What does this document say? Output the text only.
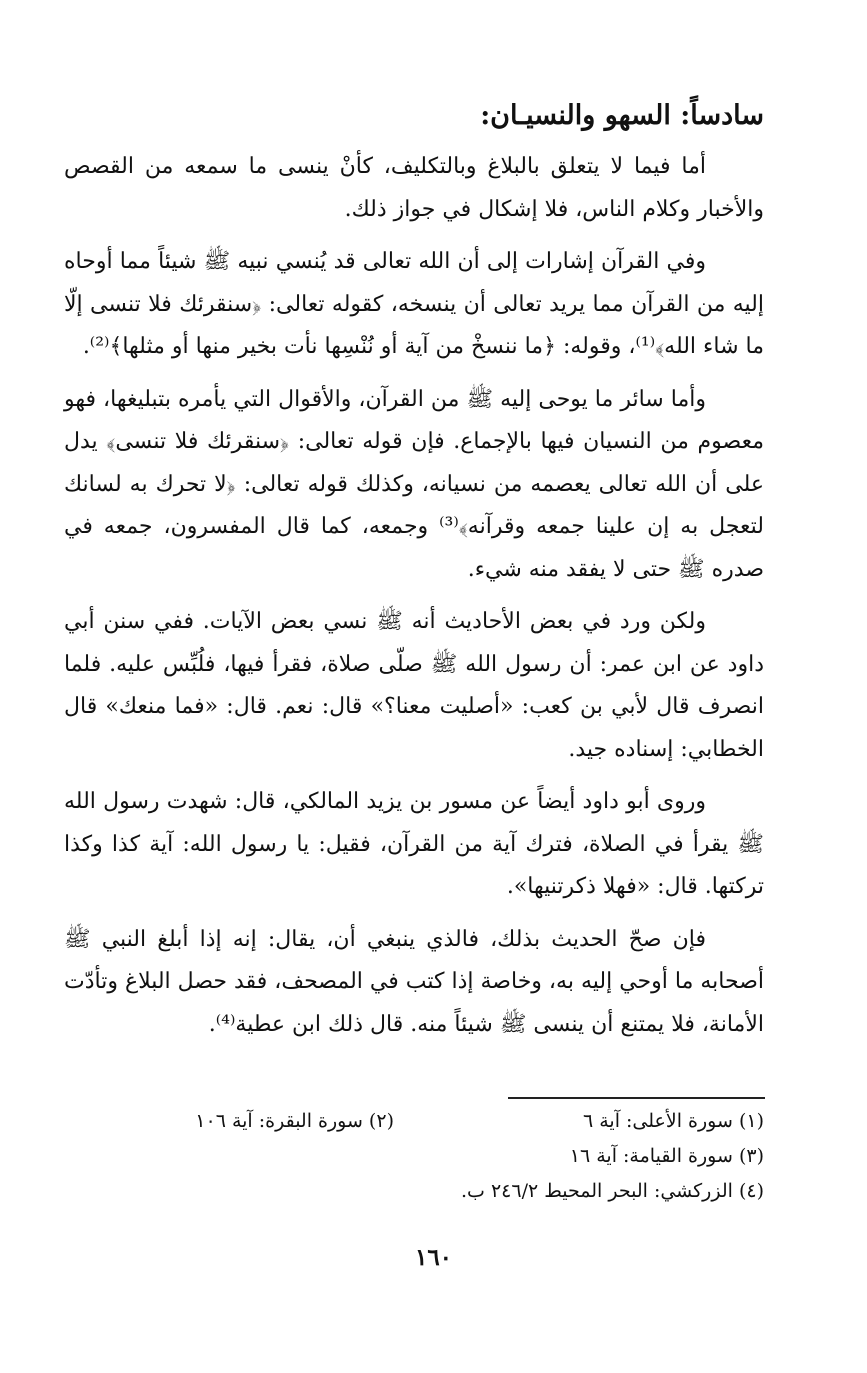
سادساً: السهو والنسيـان:

أما فيما لا يتعلق بالبلاغ وبالتكليف، كأنْ ينسى ما سمعه من القصص والأخبار وكلام الناس، فلا إشكال في جواز ذلك.

وفي القرآن إشارات إلى أن الله تعالى قد يُنسي نبيه ﷺ شيئاً مما أوحاه إليه من القرآن مما يريد تعالى أن ينسخه، كقوله تعالى: ﴿سنقرئك فلا تنسى إلّا ما شاء الله﴾⁽¹⁾، وقوله: ﴿ما ننسخْ من آية أو نُنْسِها نأت بخير منها أو مثلها﴾⁽²⁾.

وأما سائر ما يوحى إليه ﷺ من القرآن، والأقوال التي يأمره بتبليغها، فهو معصوم من النسيان فيها بالإجماع. فإن قوله تعالى: ﴿سنقرئك فلا تنسى﴾ يدل على أن الله تعالى يعصمه من نسيانه، وكذلك قوله تعالى: ﴿لا تحرك به لسانك لتعجل به إن علينا جمعه وقرآنه﴾⁽³⁾ وجمعه، كما قال المفسرون، جمعه في صدره ﷺ حتى لا يفقد منه شيء.

ولكن ورد في بعض الأحاديث أنه ﷺ نسي بعض الآيات. ففي سنن أبي داود عن ابن عمر: أن رسول الله ﷺ صلّى صلاة، فقرأ فيها، فلُبِّس عليه. فلما انصرف قال لأبي بن كعب: «أصليت معنا؟» قال: نعم. قال: «فما منعك» قال الخطابي: إسناده جيد.

وروى أبو داود أيضاً عن مسور بن يزيد المالكي، قال: شهدت رسول الله ﷺ يقرأ في الصلاة، فترك آية من القرآن، فقيل: يا رسول الله: آية كذا وكذا تركتها. قال: «فهلا ذكرتنيها».

فإن صحّ الحديث بذلك، فالذي ينبغي أن، يقال: إنه إذا أبلغ النبي ﷺ أصحابه ما أوحي إليه به، وخاصة إذا كتب في المصحف، فقد حصل البلاغ وتأدّت الأمانة، فلا يمتنع أن ينسى ﷺ شيئاً منه. قال ذلك ابن عطية⁽⁴⁾.

(١) سورة الأعلى: آية ٦
(٢) سورة البقرة: آية ١٠٦
(٣) سورة القيامة: آية ١٦
(٤) الزركشي: البحر المحيط ٢٤٦/٢ ب.
١٦٠
